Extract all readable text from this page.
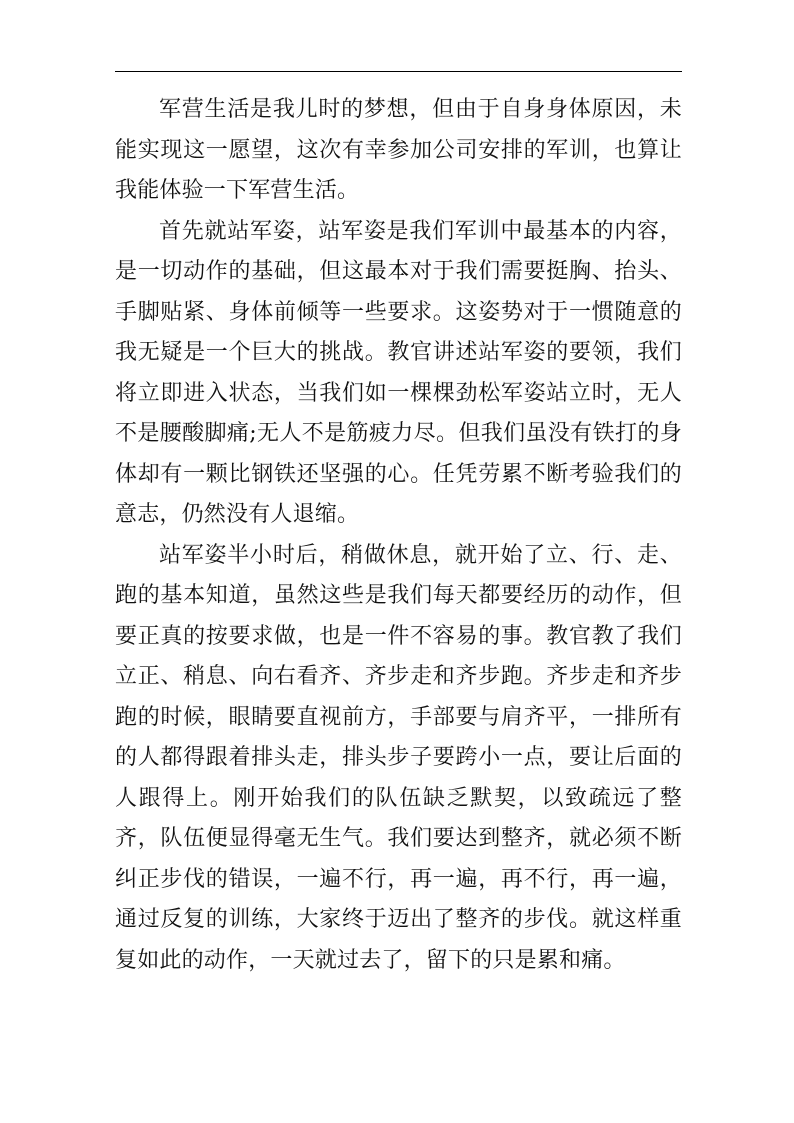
军营生活是我儿时的梦想，但由于自身身体原因，未能实现这一愿望，这次有幸参加公司安排的军训，也算让我能体验一下军营生活。

首先就站军姿，站军姿是我们军训中最基本的内容，是一切动作的基础，但这最本对于我们需要挺胸、抬头、手脚贴紧、身体前倾等一些要求。这姿势对于一惯随意的我无疑是一个巨大的挑战。教官讲述站军姿的要领，我们将立即进入状态，当我们如一棵棵劲松军姿站立时，无人不是腰酸脚痛;无人不是筋疲力尽。但我们虽没有铁打的身体却有一颗比钢铁还坚强的心。任凭劳累不断考验我们的意志，仍然没有人退缩。

站军姿半小时后，稍做休息，就开始了立、行、走、跑的基本知道，虽然这些是我们每天都要经历的动作，但要正真的按要求做，也是一件不容易的事。教官教了我们立正、稍息、向右看齐、齐步走和齐步跑。齐步走和齐步跑的时候，眼睛要直视前方，手部要与肩齐平，一排所有的人都得跟着排头走，排头步子要跨小一点，要让后面的人跟得上。刚开始我们的队伍缺乏默契，以致疏远了整齐，队伍便显得毫无生气。我们要达到整齐，就必须不断纠正步伐的错误，一遍不行，再一遍，再不行，再一遍，通过反复的训练，大家终于迈出了整齐的步伐。就这样重复如此的动作，一天就过去了，留下的只是累和痛。
